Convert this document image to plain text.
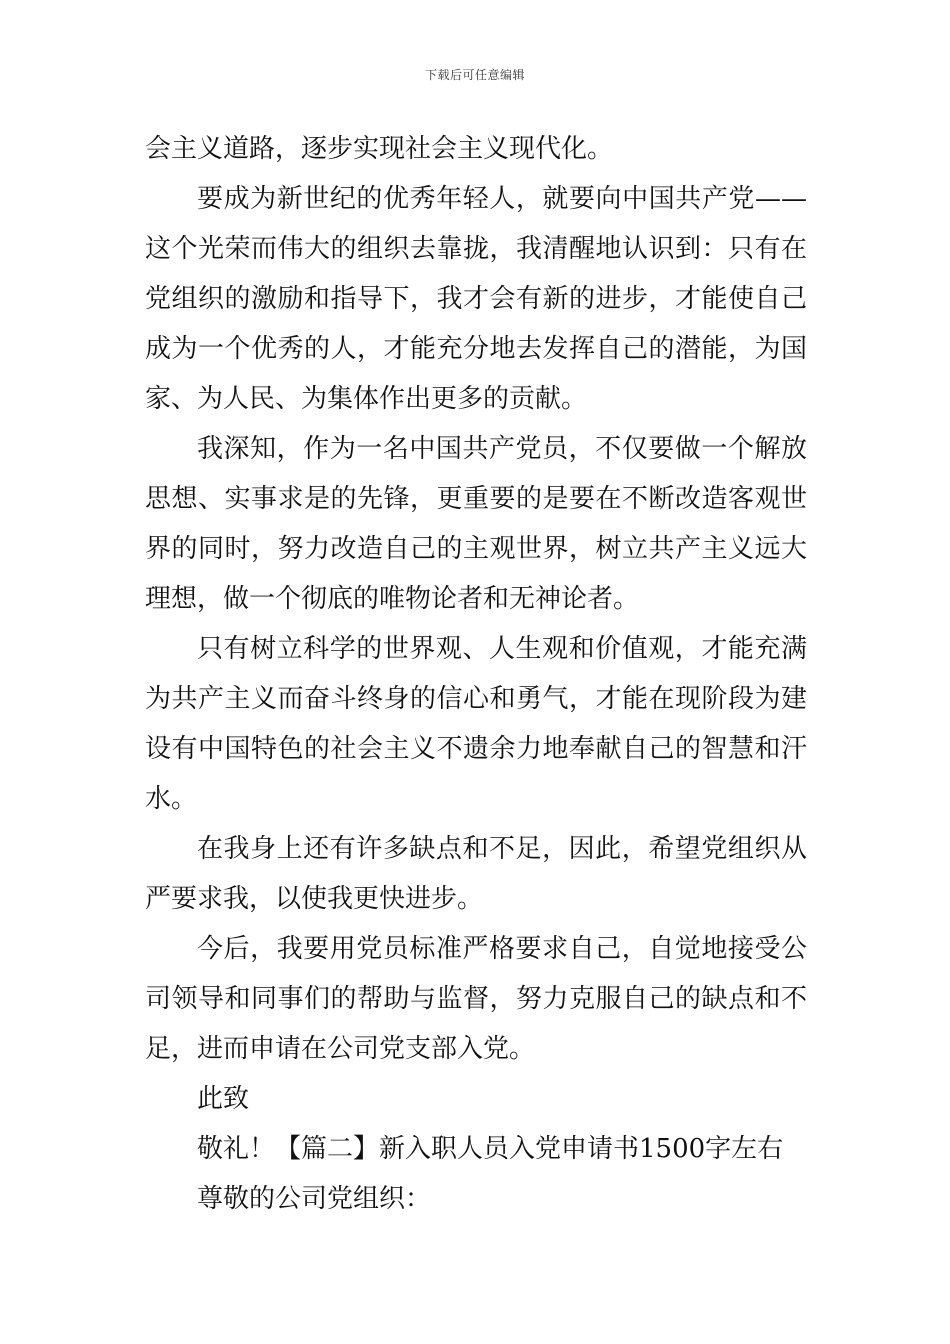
下载后可任意编辑

会主义道路，逐步实现社会主义现代化。

要成为新世纪的优秀年轻人，就要向中国共产党——这个光荣而伟大的组织去靠拢，我清醒地认识到：只有在党组织的激励和指导下，我才会有新的进步，才能使自己成为一个优秀的人，才能充分地去发挥自己的潜能，为国家、为人民、为集体作出更多的贡献。

我深知，作为一名中国共产党员，不仅要做一个解放思想、实事求是的先锋，更重要的是要在不断改造客观世界的同时，努力改造自己的主观世界，树立共产主义远大理想，做一个彻底的唯物论者和无神论者。

只有树立科学的世界观、人生观和价值观，才能充满为共产主义而奋斗终身的信心和勇气，才能在现阶段为建设有中国特色的社会主义不遗余力地奉献自己的智慧和汗水。

在我身上还有许多缺点和不足，因此，希望党组织从严要求我，以使我更快进步。

今后，我要用党员标准严格要求自己，自觉地接受公司领导和同事们的帮助与监督，努力克服自己的缺点和不足，进而申请在公司党支部入党。

此致

敬礼！【篇二】新入职人员入党申请书1500字左右

尊敬的公司党组织：
